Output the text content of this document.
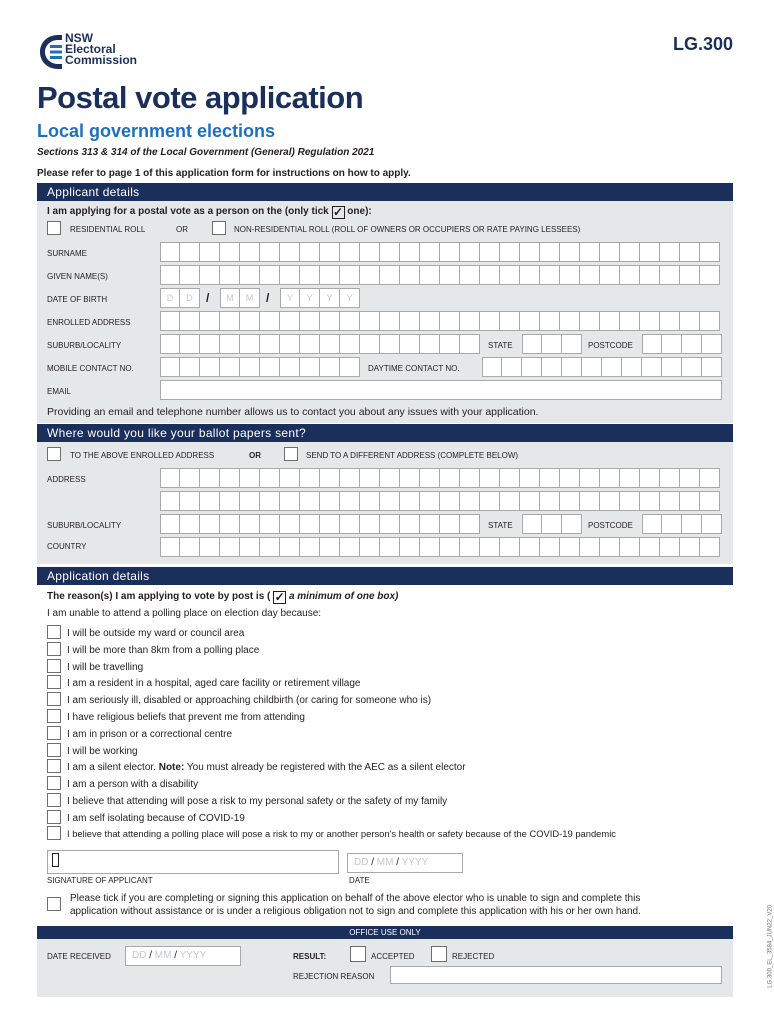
NSW
Electoral
Commission
LG.300
Postal vote application
Local government elections
Sections 313 & 314 of the Local Government (General) Regulation 2021
Please refer to page 1 of this application form for instructions on how to apply.
Applicant details
I am applying for a postal vote as a person on the (only tick ✓ one):
RESIDENTIAL ROLL	OR	NON-RESIDENTIAL ROLL (ROLL OF OWNERS OR OCCUPIERS OR RATE PAYING LESSEES)
SURNAME
GIVEN NAME(S)
DATE OF BIRTH	D	D	/	M	M	/	Y	Y	Y	Y
ENROLLED ADDRESS
SUBURB/LOCALITY	STATE	POSTCODE
MOBILE CONTACT NO.	DAYTIME CONTACT NO.
EMAIL
Providing an email and telephone number allows us to contact you about any issues with your application.
Where would you like your ballot papers sent?
TO THE ABOVE ENROLLED ADDRESS	OR	SEND TO A DIFFERENT ADDRESS (COMPLETE BELOW)
ADDRESS
SUBURB/LOCALITY	STATE	POSTCODE
COUNTRY
Application details
The reason(s) I am applying to vote by post is ( ✓ a minimum of one box)
I am unable to attend a polling place on election day because:
I will be outside my ward or council area
I will be more than 8km from a polling place
I will be travelling
I am a resident in a hospital, aged care facility or retirement village
I am seriously ill, disabled or approaching childbirth (or caring for someone who is)
I have religious beliefs that prevent me from attending
I am in prison or a correctional centre
I will be working
I am a silent elector. Note: You must already be registered with the AEC as a silent elector
I am a person with a disability
I believe that attending will pose a risk to my personal safety or the safety of my family
I am self isolating because of COVID-19
I believe that attending a polling place will pose a risk to my or another person's health or safety because of the COVID-19 pandemic
DD / MM / YYYY
SIGNATURE OF APPLICANT	DATE
Please tick if you are completing or signing this application on behalf of the above elector who is unable to sign and complete this
application without assistance or is under a religious obligation not to sign and complete this application with his or her own hand.
OFFICE USE ONLY
DATE RECEIVED	DD / MM / YYYY	RESULT:	ACCEPTED	REJECTED
REJECTION REASON	LG.300_EL_3584_JUN22_V20
